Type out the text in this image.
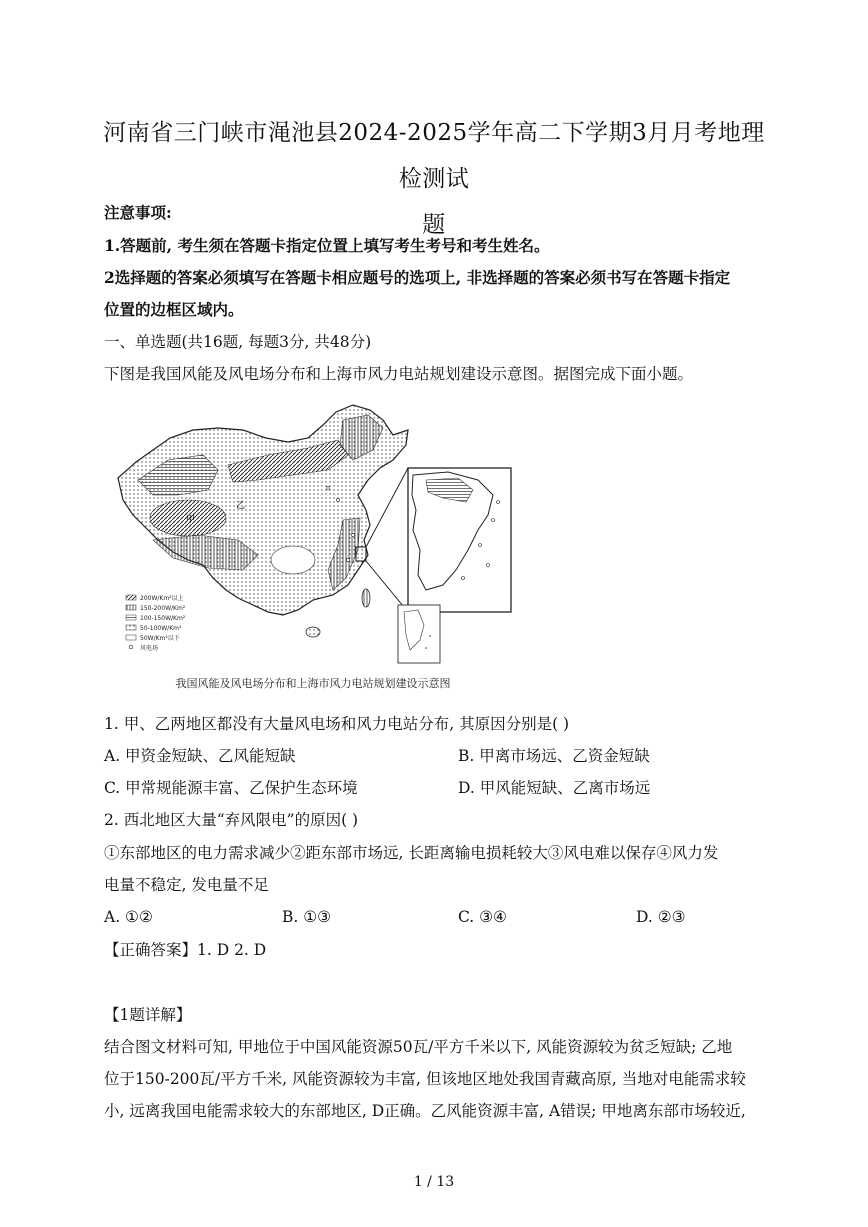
河南省三门峡市渑池县2024-2025学年高二下学期3月月考地理检测试
题
注意事项:
1.答题前, 考生须在答题卡指定位置上填写考生考号和考生姓名。
2选择题的答案必须填写在答题卡相应题号的选项上, 非选择题的答案必须书写在答题卡指定
位置的边框区域内。
一、单选题(共16题, 每题3分, 共48分)
下图是我国风能及风电场分布和上海市风力电站规划建设示意图。据图完成下面小题。
甲
乙
200W/Km²以上
150-200W/Km²
100-150W/Km²
50-100W/Km²
50W/Km²以下
风电场
我国风能及风电场分布和上海市风力电站规划建设示意图
1. 甲、乙两地区都没有大量风电场和风力电站分布, 其原因分别是( )
A. 甲资金短缺、乙风能短缺	B. 甲离市场远、乙资金短缺
C. 甲常规能源丰富、乙保护生态环境	D. 甲风能短缺、乙离市场远
2. 西北地区大量“弃风限电”的原因( )
①东部地区的电力需求减少②距东部市场远, 长距离输电损耗较大③风电难以保存④风力发
电量不稳定, 发电量不足
A. ①②	B. ①③	C. ③④	D. ②③
【正确答案】1. D 2. D
【1题详解】
结合图文材料可知, 甲地位于中国风能资源50瓦/平方千米以下, 风能资源较为贫乏短缺; 乙地
位于150-200瓦/平方千米, 风能资源较为丰富, 但该地区地处我国青藏高原, 当地对电能需求较
小, 远离我国电能需求较大的东部地区, D正确。乙风能资源丰富, A错误; 甲地离东部市场较近,
1 / 13
